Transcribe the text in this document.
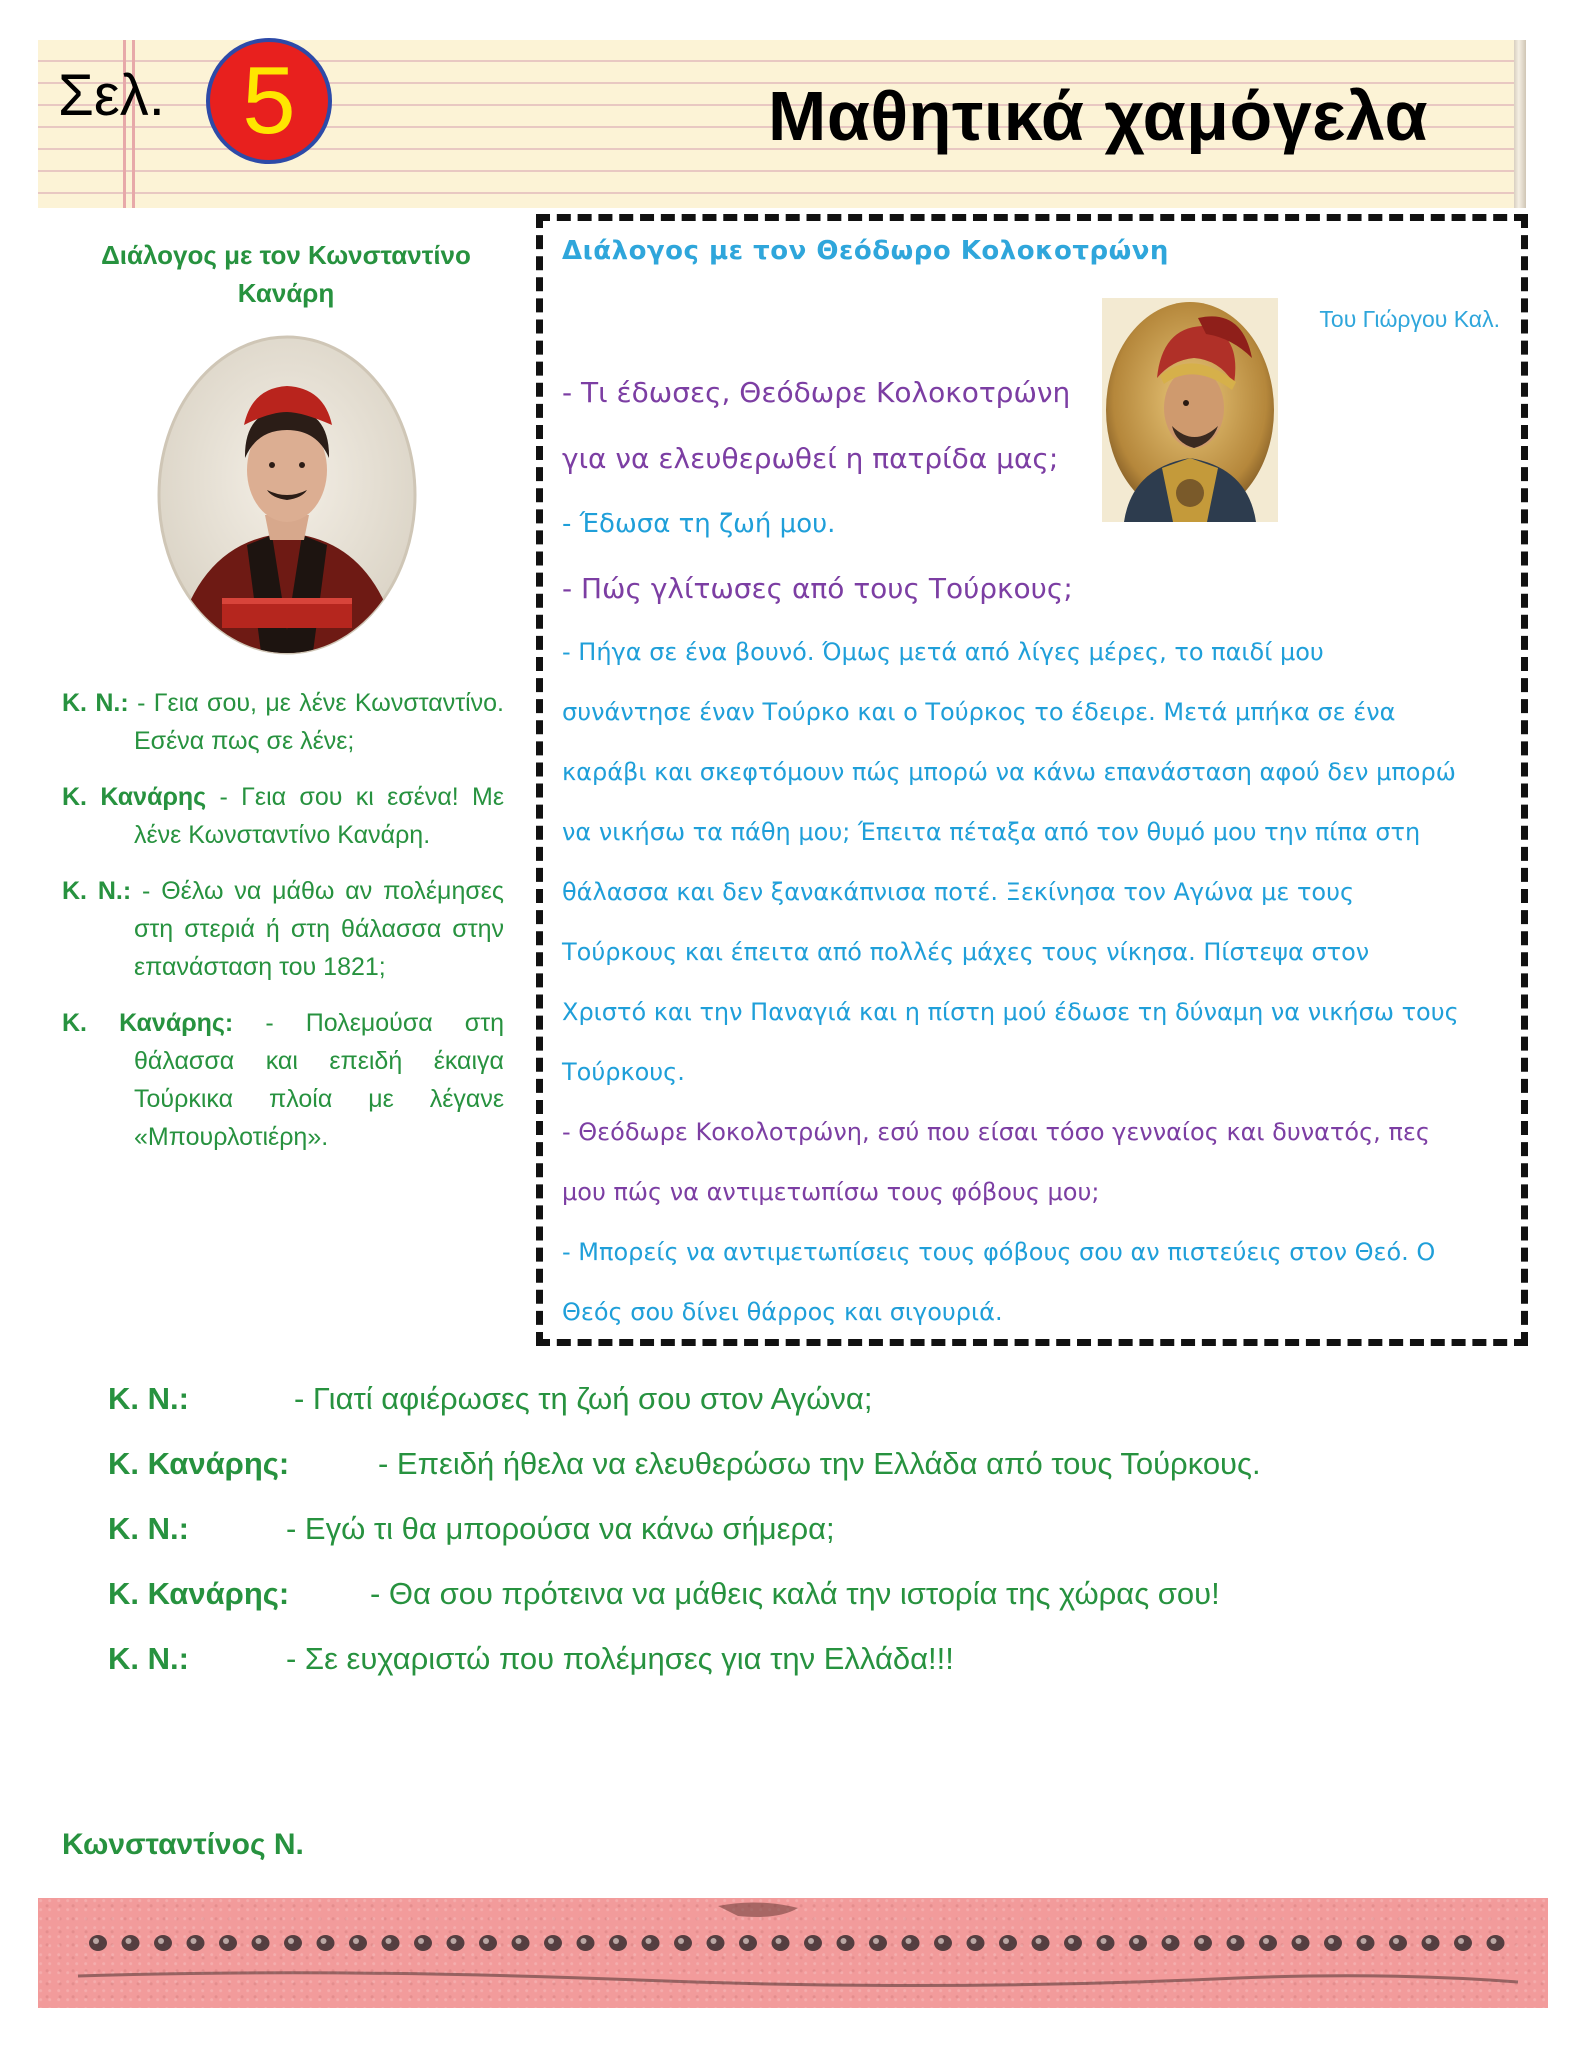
Σελ. 5	Μαθητικά χαμόγελα
Διάλογος με τον Κωνσταντίνο Κανάρη
Κ. Ν.: - Γεια σου, με λένε Κωνσταντίνο. Εσένα πως σε λένε;
Κ. Κανάρης - Γεια σου κι εσένα! Με λένε Κωνσταντίνο Κανάρη.
Κ. Ν.: - Θέλω να μάθω αν πολέμησες στη στεριά ή στη θάλασσα στην επανάσταση του 1821;
Κ. Κανάρης: - Πολεμούσα στη θάλασσα και επειδή έκαιγα Τούρκικα πλοία με λέγανε «Μπουρλοτιέρη».
Διάλογος με τον Θεόδωρο Κολοκοτρώνη
Του Γιώργου Καλ.

- Τι έδωσες, Θεόδωρε Κολοκοτρώνη

για να ελευθερωθεί η πατρίδα μας;

- Έδωσα τη ζωή μου.

- Πώς γλίτωσες από τους Τούρκους;

- Πήγα σε ένα βουνό. Όμως μετά από λίγες μέρες, το παιδί μου

συνάντησε έναν Τούρκο και ο Τούρκος το έδειρε. Μετά μπήκα σε ένα

καράβι και σκεφτόμουν πώς μπορώ να κάνω επανάσταση αφού δεν μπορώ

να νικήσω τα πάθη μου; Έπειτα πέταξα από τον θυμό μου την πίπα στη

θάλασσα και δεν ξανακάπνισα ποτέ. Ξεκίνησα τον Αγώνα με τους

Τούρκους και έπειτα από πολλές μάχες τους νίκησα. Πίστεψα στον

Χριστό και την Παναγιά και η πίστη μού έδωσε τη δύναμη να νικήσω τους

Τούρκους.

- Θεόδωρε Κοκολοτρώνη, εσύ που είσαι τόσο γενναίος και δυνατός, πες

μου πώς να αντιμετωπίσω τους φόβους μου;

- Μπορείς να αντιμετωπίσεις τους φόβους σου αν πιστεύεις στον Θεό. Ο

Θεός σου δίνει θάρρος και σιγουριά.

Κ. Ν.:	- Γιατί αφιέρωσες τη ζωή σου στον Αγώνα;
Κ. Κανάρης:	- Επειδή ήθελα να ελευθερώσω την Ελλάδα από τους Τούρκους.
Κ. Ν.:	- Εγώ τι θα μπορούσα να κάνω σήμερα;
Κ. Κανάρης:	- Θα σου πρότεινα να μάθεις καλά την ιστορία της χώρας σου!
Κ. Ν.:	- Σε ευχαριστώ που πολέμησες για την Ελλάδα!!!
Κωνσταντίνος Ν.
